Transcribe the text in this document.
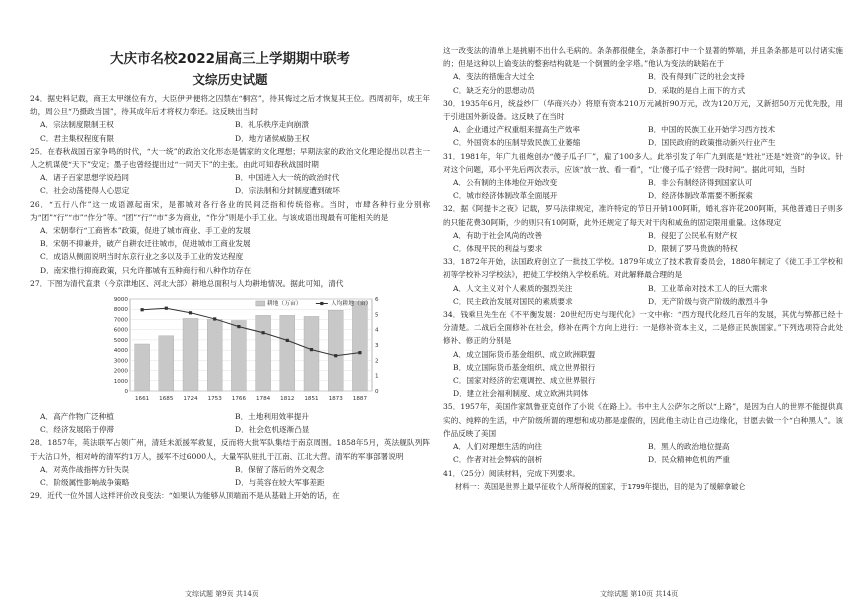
大庆市名校2022届高三上学期期中联考
文综历史试题

24．据史料记载，商王太甲继位有方，大臣伊尹便将之囚禁在“桐宫”，待其悔过之后才恢复其王位。西周初年，成王年幼，周公旦“乃摄政当国”，待其成年后才将权力奉还。这反映出当时

A．宗法制度限制王权	B．礼乐秩序走向崩溃
C．君主集权程度有限	D．地方诸侯威胁王权

25．在春秋战国百家争鸣的时代，“大一统”的政治文化形态是儒家的文化理想；早期法家的政治文化理论提出以君主一人之机谋使“天下”安定；墨子也曾经提出过“一同天下”的主张。由此可知春秋战国时期

A．诸子百家思想学说趋同	B．中国进入大一统的政治时代
C．社会动荡使得人心思定	D．宗法制和分封制度遭到破坏

26．“五行八作”这一成语源起南宋，是都城对各行各业的民间泛指和传统俗称。当时，市肆各种行业分别称为“团”“行”“市”“作分”等。“团”“行”“市”多为商业，“作分”则是小手工业。与该成语出现最有可能相关的是

A．宋朝奉行“工商皆本”政策，促进了城市商业、手工业的发展
B．宋朝不抑兼并，破产自耕农迁往城市，促进城市工商业发展
C．成语从侧面说明当时东京行业之多以及手工业的发达程度
D．南宋推行抑商政策，只允许都城有五种商行和八种作坊存在

27．下图为清代直隶（今京津地区、河北大部）耕地总面积与人均耕地情况。据此可知，清代

0
1000
2000
3000
4000
5000
6000
7000
8000
9000
0
1
2
3
4
5
6
1661 1685 1724 1753 1766 1784 1812 1851 1873 1887
耕地（万亩）	人均耕地（亩）
A．高产作物广泛种植	B．土地利用效率提升
C．经济发展陷于停滞	D．社会危机逐渐凸显

28．1857年，英法联军占领广州，清廷未派援军救复，反而将大批军队集结于南京周围。1858年5月，英法舰队列阵于大沽口外，相对峙的清军约1万人，援军不过6000人，大量军队驻扎于江南、江北大营。清军的军事部署说明

A．对英作战指挥方针失误	B．保留了落后的外交观念
C．阶级属性影响战争策略	D．与英容在较大军事差距

29．近代一位外国人这样评价改良变法：“如果认为能够从顶端而不是从基础上开始的话，在

文综试题 第9页 共14页

这一改变法的清单上是挑剔不出什么毛病的。条条都很健全，条条都打中一个显著的弊端，并且条条都是可以付诸实施的；但是这种以上谕变法的整套结构就是一个倒置的金字塔。”他认为变法的缺陷在于

A．变法的措施含大过全	B．没有得到广泛的社会支持
C．缺乏充分的思想动员	D．采取的是自上而下的方式

30．1935年6月，统益纱厂（华商兴办）将原有资本210万元减折90万元，改为120万元，又新招50万元优先股，用于引进国外新设备。这反映了在当时

A．企业通过产权重组来提高生产效率	B．中国的民族工业开始学习西方技术
C．外国资本的压制导致民族工业萎缩	D．国民政府的政策推动新兴行业产生

31．1981年，年广九祖炮创办“傻子瓜子厂”，雇了100多人。此举引发了年广九到底是“姓社”还是“姓资”的争议。针对这个问题，邓小平先后两次表示，应该“放一放、看一看”，“让‘傻子瓜子’经营一段时间”。据此可知，当时

A．公有制的主体地位开始改变	B．非公有制经济得到国家认可
C．城市经济体制改革全面展开	D．经济体制改革需要不断探索

32．据《阿提卡之夜》记载，罗马法律规定，准许特定的节日开销100阿斯，婚礼容许花200阿斯，其他普通日子则多的只能花费30阿斯，少的则只有10阿斯，此外还规定了每天对干肉和咸鱼的固定限用重量。这体现定

A．有助于社会风尚的改善	B．侵犯了公民私有财产权
C．体现平民的利益与要求	D．限制了罗马贵族的特权

33．1872年开始，法国政府创立了一批技工学校。1879年成立了技术教育委员会，1880年制定了《徒工手工学校和初等学校补习学校法》，把徒工学校纳入学校系统。对此解释最合理的是

A．人文主义对个人素质的强烈关注	B．工业革命对技术工人的巨大需求
C．民主政治发展对国民的素质要求	D．无产阶级与资产阶级的激烈斗争

34．钱乘旦先生在《不平衡发展：20世纪历史与现代化》一文中称：“西方现代化经几百年的发展，其优与弊都已经十分清楚。二战后全面修补在社会，修补在两个方向上进行：一是修补资本主义，二是修正民族国家。”下列选项符合此处修补、修正的分别是

A．成立国际货币基金组织、成立欧洲联盟
B．成立国际货币基金组织、成立世界银行
C．国家对经济的宏观调控、成立世界银行
D．建立社会福利制度、成立欧洲共同体

35．1957年，美国作家凯鲁亚克创作了小说《在路上》。书中主人公萨尔之所以“上路”，是因为白人的世界不能提供真实的、纯粹的生活，中产阶级所谓的理想和成功都是虚假的，因此他主动让自己边缘化，甘愿去做一个“白种黑人”。该作品反映了美国

A．人们对理想生活的向往	B．黑人的政治地位提高
C．作者对社会弊病的剖析	D．民众精神危机的严重

41．（25分）阅读材料，完成下列要求。

材料一：英国是世界上最早征收个人所得税的国家，于1799年提出，目的是为了缓解拿破仑

文综试题 第10页 共14页
